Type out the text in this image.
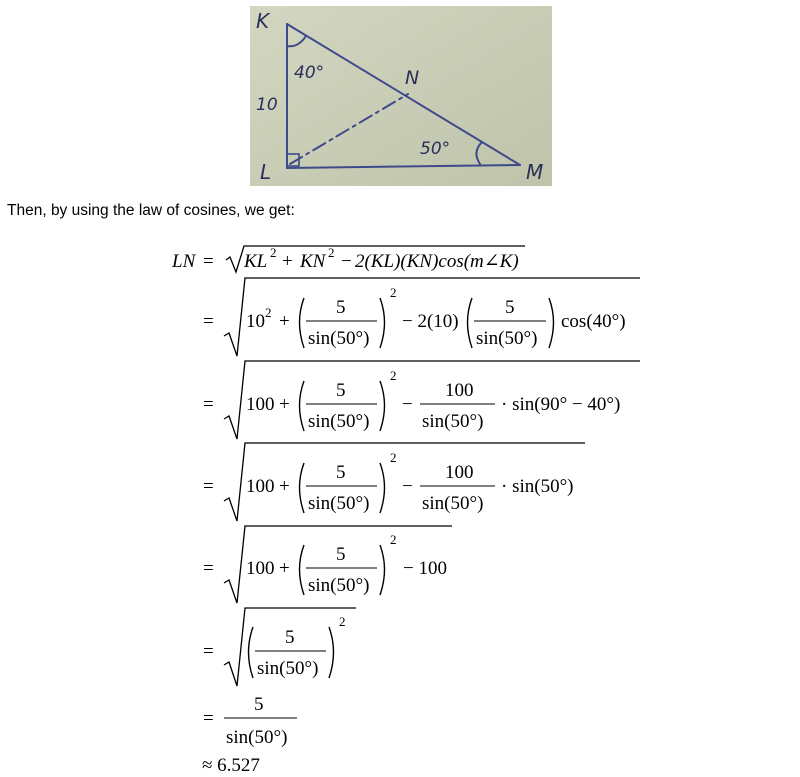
K
L	M
N
10
40°
50°
Then, by using the law of cosines, we get:
LN = KL 2 + KN 2 − 2(KL)(KN)cos(m∠K)
= 10 2 +
5
sin(50°)
2
− 2(10)
5
sin(50°)
cos(40°)
= 100 +
5
sin(50°)
2
−
100
sin(50°)
· sin(90° − 40°)
= 100 +
5
sin(50°)
2
−
100
sin(50°)
· sin(50°)
= 100 +
5
sin(50°)
2
− 100
=
5
sin(50°)
2
=
5
sin(50°)
≈ 6.527
